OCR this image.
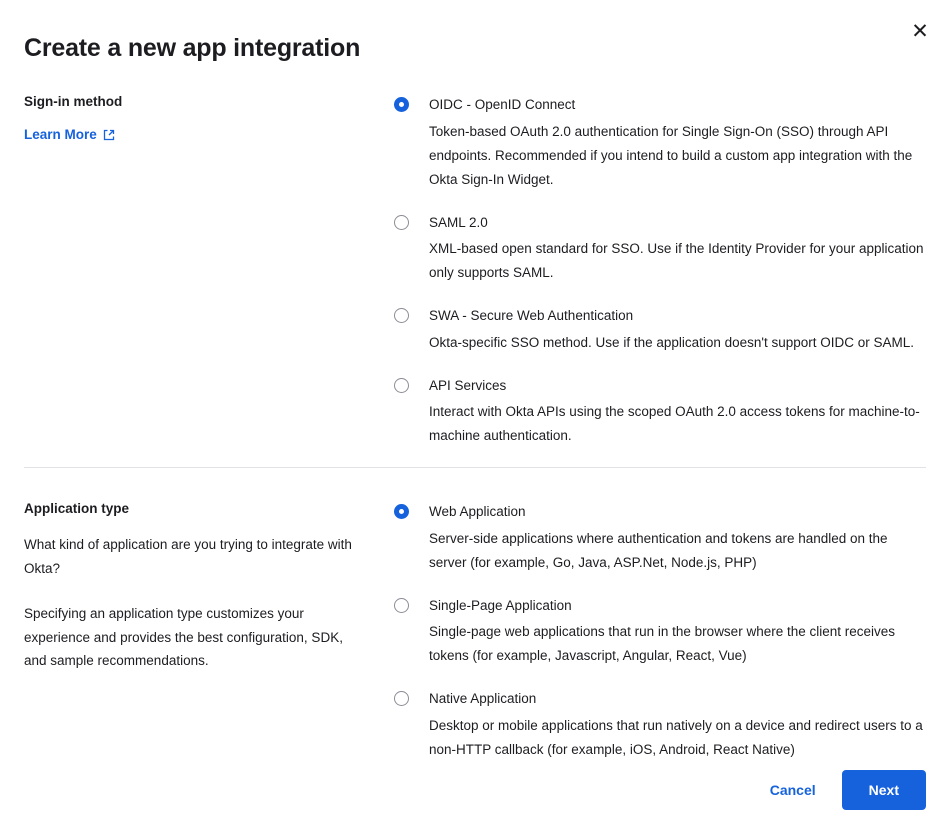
✕
Create a new app integration
Sign-in method
Learn More
OIDC - OpenID Connect
Token-based OAuth 2.0 authentication for Single Sign-On (SSO) through API endpoints. Recommended if you intend to build a custom app integration with the Okta Sign-In Widget.
SAML 2.0
XML-based open standard for SSO. Use if the Identity Provider for your application only supports SAML.
SWA - Secure Web Authentication
Okta-specific SSO method. Use if the application doesn't support OIDC or SAML.
API Services
Interact with Okta APIs using the scoped OAuth 2.0 access tokens for machine-to-machine authentication.
Application type

What kind of application are you trying to integrate with Okta?

Specifying an application type customizes your experience and provides the best configuration, SDK, and sample recommendations.

Web Application
Server-side applications where authentication and tokens are handled on the server (for example, Go, Java, ASP.Net, Node.js, PHP)
Single-Page Application
Single-page web applications that run in the browser where the client receives tokens (for example, Javascript, Angular, React, Vue)
Native Application
Desktop or mobile applications that run natively on a device and redirect users to a non-HTTP callback (for example, iOS, Android, React Native)
Cancel	Next
